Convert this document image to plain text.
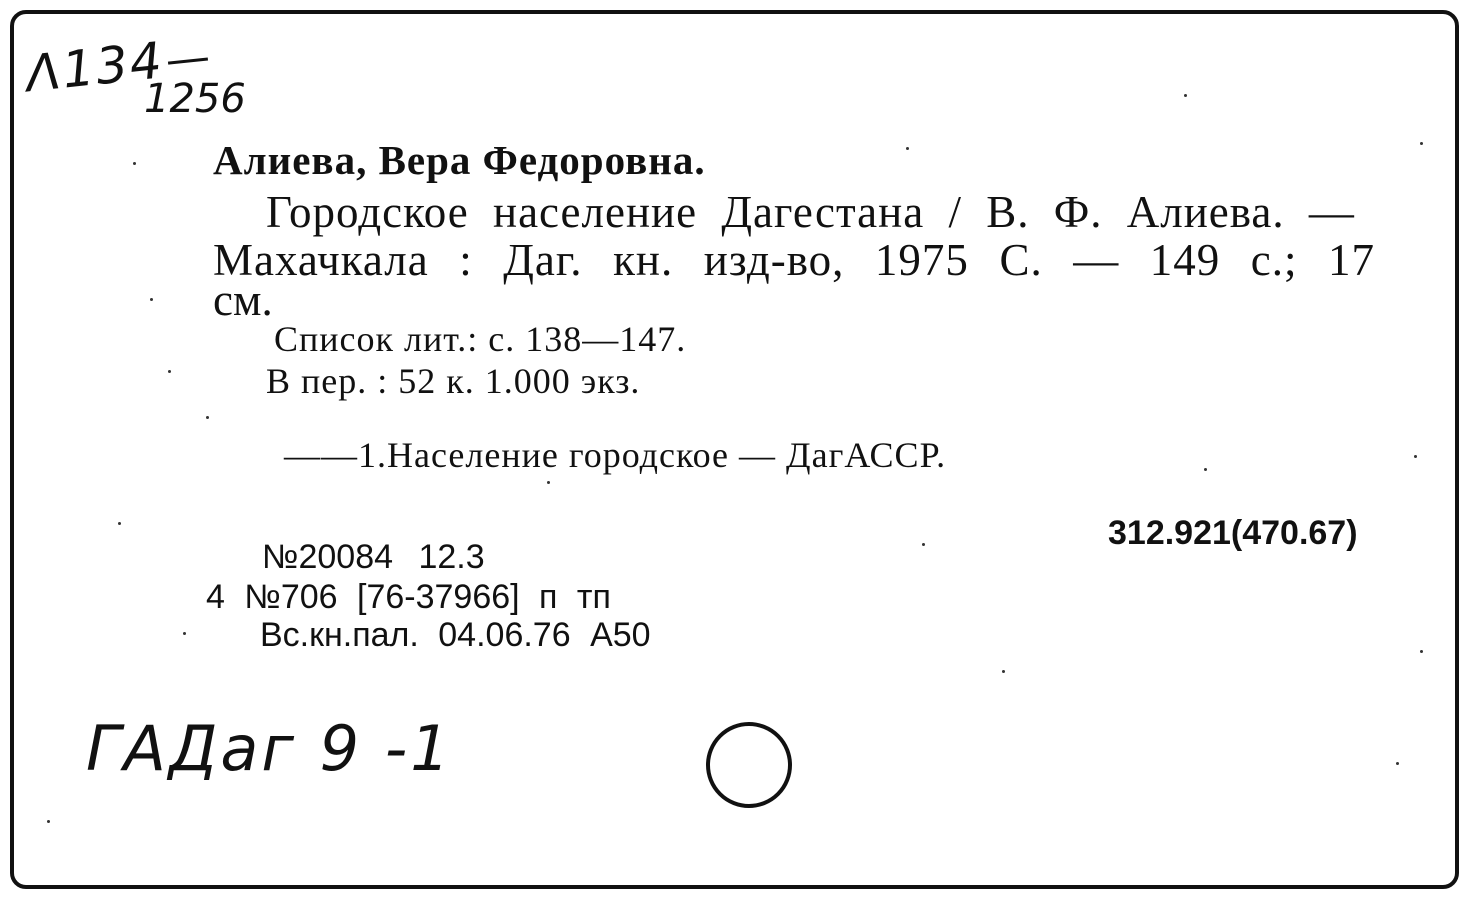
Λ134
1256
Алиева, Вера Федоровна.
Городское население Дагестана / В. Ф. Алиева. —
Махачкала : Даг. кн. изд-во, 1975 С. — 149 с.; 17
см.
Список лит.: с. 138—147.
В пер. : 52 к. 1.000 экз.
——1.Население городское — ДагАССР.
312.921(470.67)
№20084 12.3
4 №706 [76-37966] п тп
Вс.кн.пал. 04.06.76 А50
ГАДаг 9 -1
